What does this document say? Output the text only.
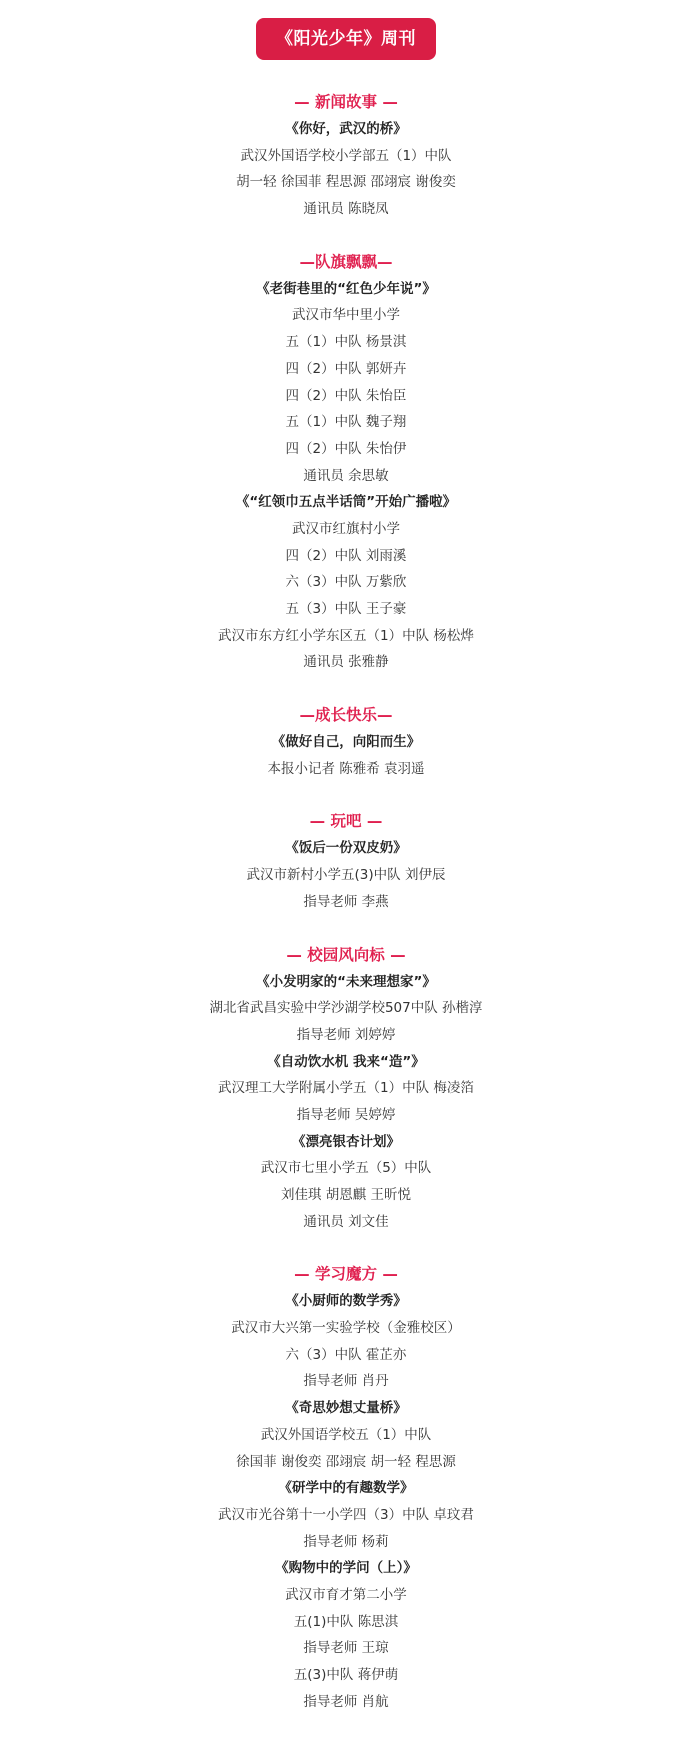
《阳光少年》周刊
— 新闻故事 —
《你好，武汉的桥》
武汉外国语学校小学部五（1）中队
胡一轻 徐国菲 程思源 邵翊宸 谢俊奕
通讯员 陈晓凤
—队旗飘飘—
《老街巷里的“红色少年说”》
武汉市华中里小学
五（1）中队 杨景淇
四（2）中队 郭妍卉
四（2）中队 朱怡臣
五（1）中队 魏子翔
四（2）中队 朱怡伊
通讯员 余思敏
《“红领巾五点半话筒”开始广播啦》
武汉市红旗村小学
四（2）中队 刘雨溪
六（3）中队 万紫欣
五（3）中队 王子豪
武汉市东方红小学东区五（1）中队 杨松烨
通讯员 张雅静
—成长快乐—
《做好自己，向阳而生》
本报小记者 陈雅希 袁羽遥
— 玩吧 —
《饭后一份双皮奶》
武汉市新村小学五(3)中队 刘伊辰
指导老师 李燕
— 校园风向标 —
《小发明家的“未来理想家”》
湖北省武昌实验中学沙湖学校507中队 孙楷淳
指导老师 刘婷婷
《自动饮水机 我来“造”》
武汉理工大学附属小学五（1）中队 梅凌箔
指导老师 吴婷婷
《漂亮银杏计划》
武汉市七里小学五（5）中队
刘佳琪 胡恩麒 王昕悦
通讯员 刘文佳
— 学习魔方 —
《小厨师的数学秀》
武汉市大兴第一实验学校（金雅校区）
六（3）中队 霍芷亦
指导老师 肖丹
《奇思妙想丈量桥》
武汉外国语学校五（1）中队
徐国菲 谢俊奕 邵翊宸 胡一轻 程思源
《研学中的有趣数学》
武汉市光谷第十一小学四（3）中队 卓玟君
指导老师 杨莉
《购物中的学问（上）》
武汉市育才第二小学
五(1)中队 陈思淇
指导老师 王琼
五(3)中队 蒋伊萌
指导老师 肖航
